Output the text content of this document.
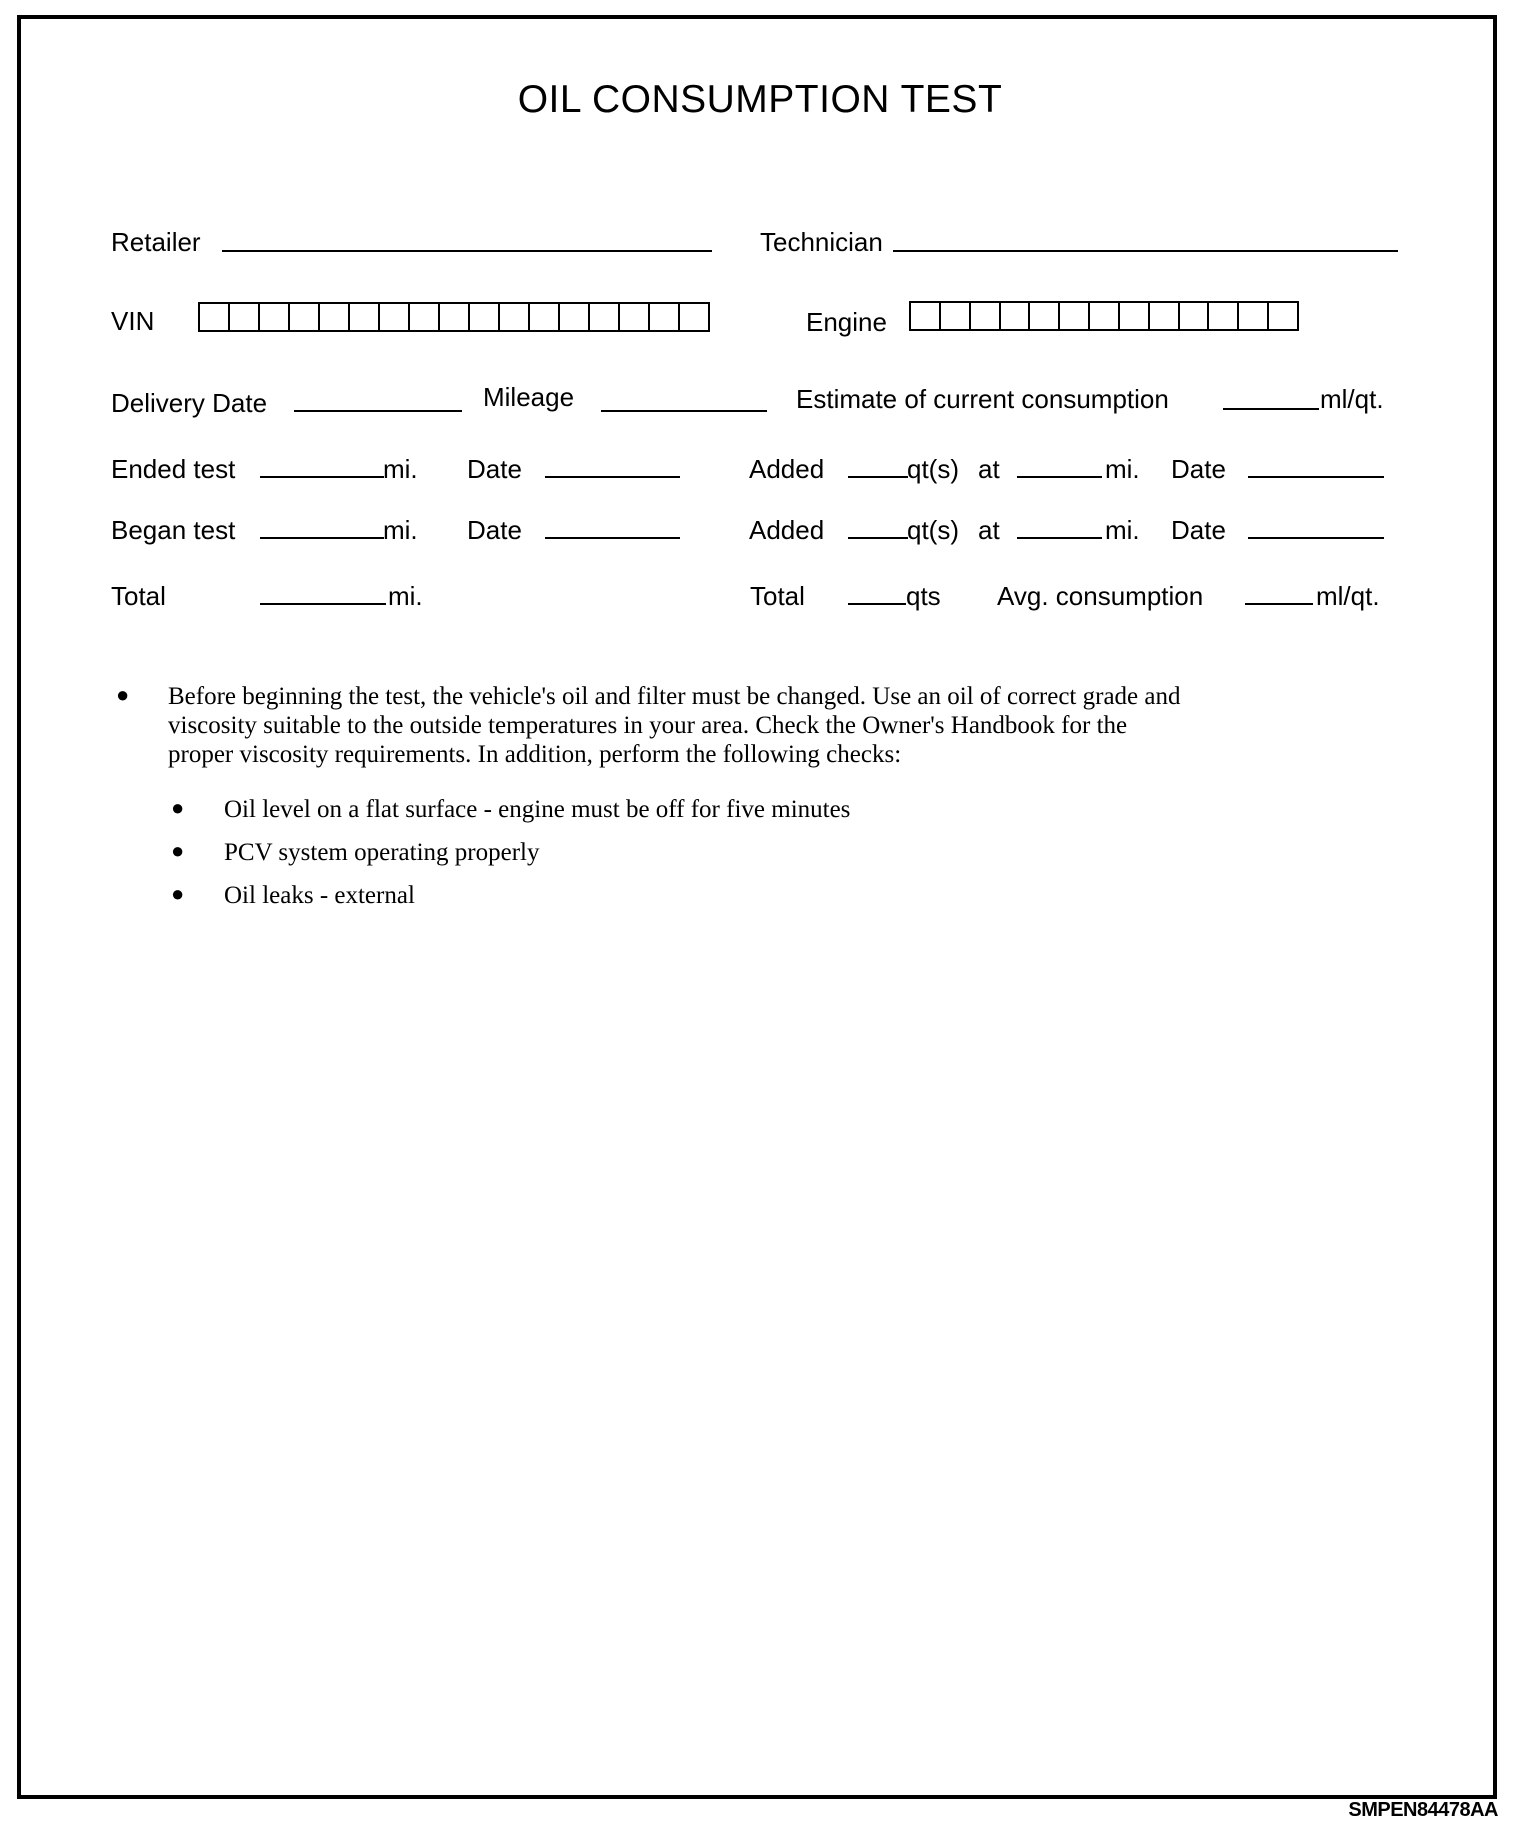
OIL CONSUMPTION TEST
Retailer	Technician
VIN	Engine
Delivery Date	Mileage	Estimate of current consumption	ml/qt.
Ended test	mi. Date	Added	qt(s) at	mi. Date
Began test	mi. Date	Added	qt(s) at	mi. Date
Total	mi.	Total	qts Avg. consumption	ml/qt.
● Before beginning the test, the vehicle's oil and filter must be changed. Use an oil of correct grade and
viscosity suitable to the outside temperatures in your area. Check the Owner's Handbook for the
proper viscosity requirements. In addition, perform the following checks:
● Oil level on a flat surface - engine must be off for five minutes
● PCV system operating properly
● Oil leaks - external
SMPEN84478AA
